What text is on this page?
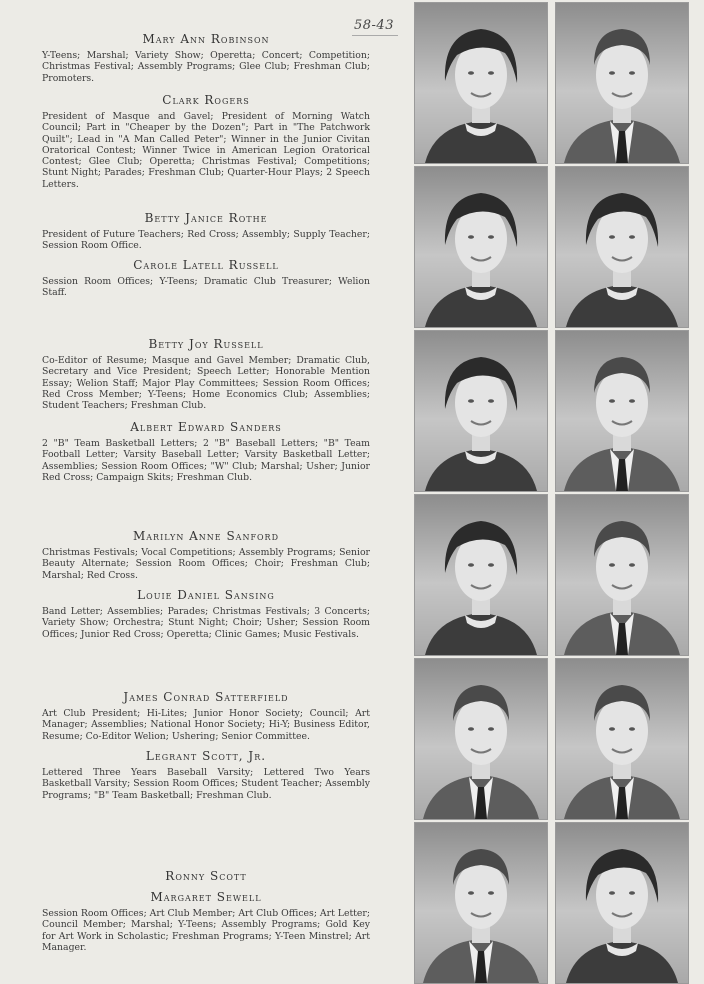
58-43
Mary Ann Robinson
Y-Teens; Marshal; Variety Show; Operetta; Concert; Competition; Christmas Festival; Assembly Programs; Glee Club; Freshman Club; Promoters.
Clark Rogers
President of Masque and Gavel; President of Morning Watch Council; Part in "Cheaper by the Dozen"; Part in "The Patchwork Quilt"; Lead in "A Man Called Peter"; Winner in the Junior Civitan Oratorical Contest; Winner Twice in American Legion Oratorical Contest; Glee Club; Operetta; Christmas Festival; Competitions; Stunt Night; Parades; Freshman Club; Quarter-Hour Plays; 2 Speech Letters.
Betty Janice Rothe
President of Future Teachers; Red Cross; Assembly; Supply Teacher; Session Room Office.
Carole Latell Russell
Session Room Offices; Y-Teens; Dramatic Club Treasurer; Welion Staff.
Betty Joy Russell
Co-Editor of Resume; Masque and Gavel Member; Dramatic Club, Secretary and Vice President; Speech Letter; Honorable Mention Essay; Welion Staff; Major Play Committees; Session Room Offices; Red Cross Member; Y-Teens; Home Economics Club; Assemblies; Student Teachers; Freshman Club.
Albert Edward Sanders
2 "B" Team Basketball Letters; 2 "B" Baseball Letters; "B" Team Football Letter; Varsity Baseball Letter; Varsity Basketball Letter; Assemblies; Session Room Offices; "W" Club; Marshal; Usher; Junior Red Cross; Campaign Skits; Freshman Club.
Marilyn Anne Sanford
Christmas Festivals; Vocal Competitions; Assembly Programs; Senior Beauty Alternate; Session Room Offices; Choir; Freshman Club; Marshal; Red Cross.
Louie Daniel Sansing
Band Letter; Assemblies; Parades; Christmas Festivals; 3 Concerts; Variety Show; Orchestra; Stunt Night; Choir; Usher; Session Room Offices; Junior Red Cross; Operetta; Clinic Games; Music Festivals.
James Conrad Satterfield
Art Club President; Hi-Lites; Junior Honor Society; Council; Art Manager; Assemblies; National Honor Society; Hi-Y; Business Editor, Resume; Co-Editor Welion; Ushering; Senior Committee.
Legrant Scott, Jr.
Lettered Three Years Baseball Varsity; Lettered Two Years Basketball Varsity; Session Room Offices; Student Teacher; Assembly Programs; "B" Team Basketball; Freshman Club.
Ronny Scott
Margaret Sewell
Session Room Offices; Art Club Member; Art Club Offices; Art Letter; Council Member; Marshal; Y-Teens; Assembly Programs; Gold Key for Art Work in Scholastic; Freshman Programs; Y-Teen Minstrel; Art Manager.
